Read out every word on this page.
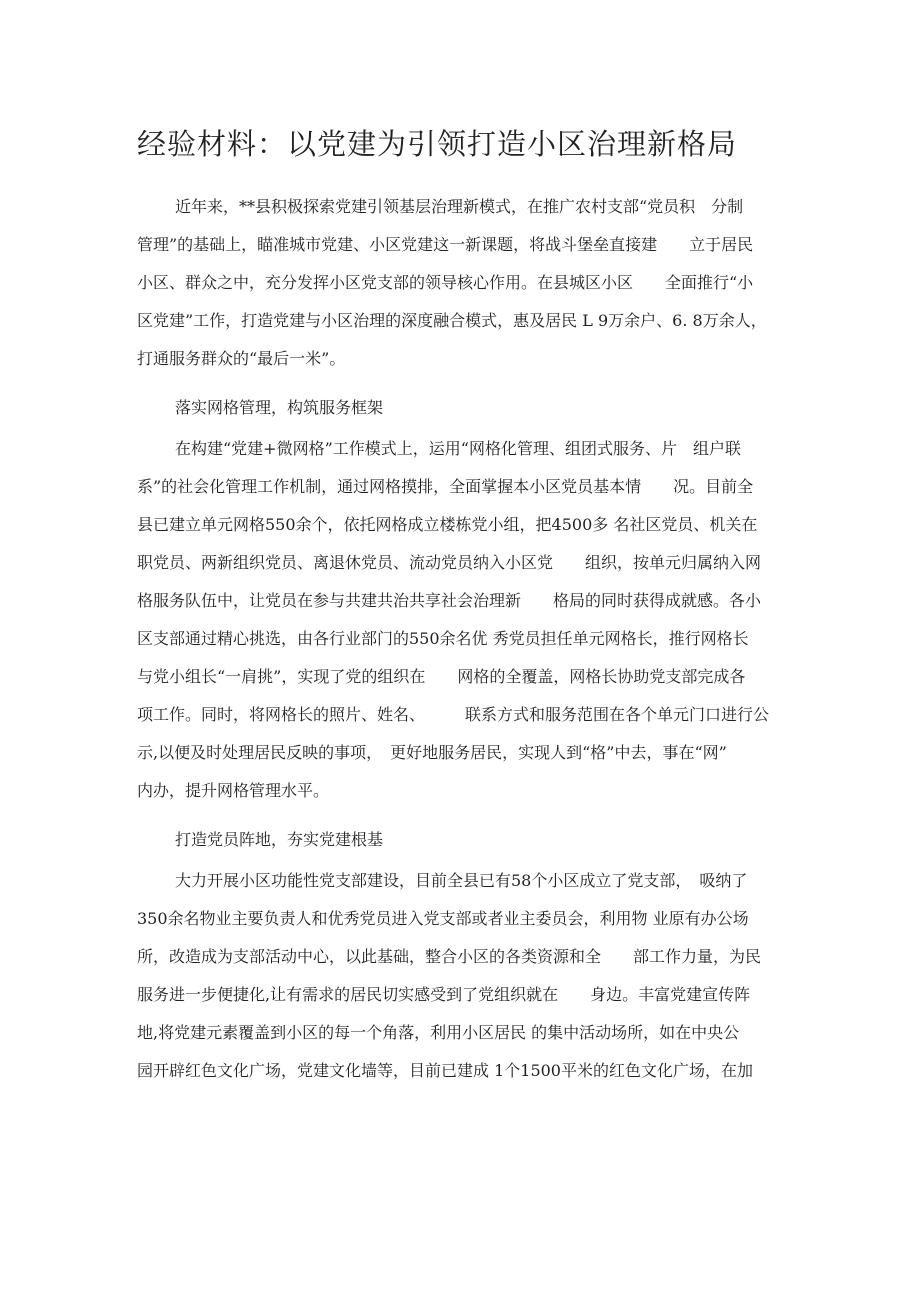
经验材料：以党建为引领打造小区治理新格局
近年来，**县积极探索党建引领基层治理新模式，在推广农村支部“党员积　分制
管理”的基础上，瞄准城市党建、小区党建这一新课题，将战斗堡垒直接建　　立于居民
小区、群众之中，充分发挥小区党支部的领导核心作用。在县城区小区　　全面推行“小
区党建”工作，打造党建与小区治理的深度融合模式，惠及居民 L 9万余户、6. 8万余人，
打通服务群众的“最后一米”。
落实网格管理，构筑服务框架
在构建“党建+微网格”工作模式上，运用“网格化管理、组团式服务、片　组户联
系”的社会化管理工作机制，通过网格摸排，全面掌握本小区党员基本情　　况。目前全
县已建立单元网格550余个，依托网格成立楼栋党小组，把4500多 名社区党员、机关在
职党员、两新组织党员、离退休党员、流动党员纳入小区党　　组织，按单元归属纳入网
格服务队伍中，让党员在参与共建共治共享社会治理新　　格局的同时获得成就感。各小
区支部通过精心挑选，由各行业部门的550余名优 秀党员担任单元网格长，推行网格长
与党小组长“一肩挑”，实现了党的组织在　　网格的全覆盖，网格长协助党支部完成各
项工作。同时，将网格长的照片、姓名、　　　联系方式和服务范围在各个单元门口进行公
示,以便及时处理居民反映的事项，　更好地服务居民，实现人到“格”中去，事在“网”
内办，提升网格管理水平。
打造党员阵地，夯实党建根基
大力开展小区功能性党支部建设，目前全县已有58个小区成立了党支部，　吸纳了
350余名物业主要负责人和优秀党员进入党支部或者业主委员会，利用物 业原有办公场
所，改造成为支部活动中心，以此基础，整合小区的各类资源和全　　部工作力量，为民
服务进一步便捷化,让有需求的居民切实感受到了党组织就在　　身边。丰富党建宣传阵
地,将党建元素覆盖到小区的每一个角落，利用小区居民 的集中活动场所，如在中央公
园开辟红色文化广场，党建文化墙等，目前已建成 1个1500平米的红色文化广场，在加
